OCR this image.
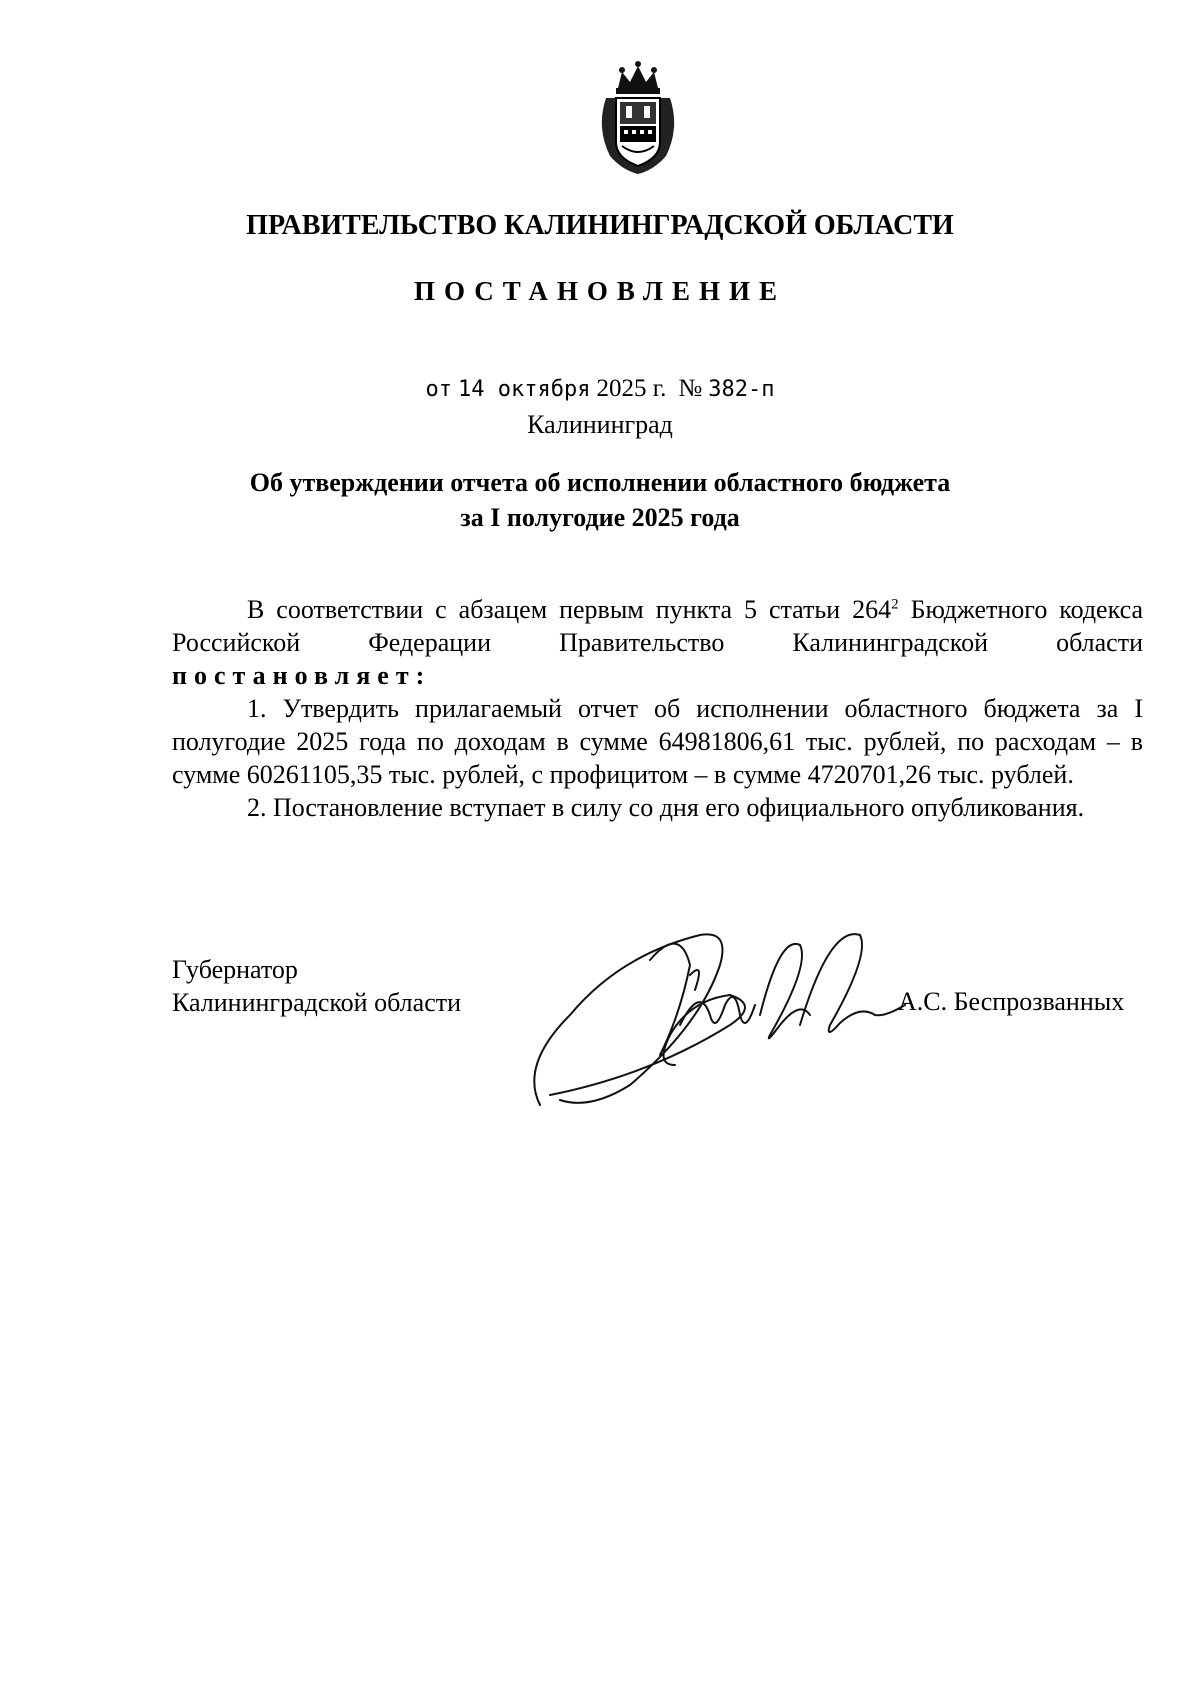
ПРАВИТЕЛЬСТВО КАЛИНИНГРАДСКОЙ ОБЛАСТИ
ПОСТАНОВЛЕНИЕ
от 14 октября 2025 г. № 382-п
Калининград
Об утверждении отчета об исполнении областного бюджета
за I полугодие 2025 года

В соответствии с абзацем первым пункта 5 статьи $264^2$ Бюджетного кодекса Российской Федерации Правительство Калининградской области постановляет:

1. Утвердить прилагаемый отчет об исполнении областного бюджета за I полугодие 2025 года по доходам в сумме 64981806,61 тыс. рублей, по расходам – в сумме 60261105,35 тыс. рублей, с профицитом – в сумме 4720701,26 тыс. рублей.

2. Постановление вступает в силу со дня его официального опубликования.

Губернатор
Калининградской области	А.С. Беспрозванных
